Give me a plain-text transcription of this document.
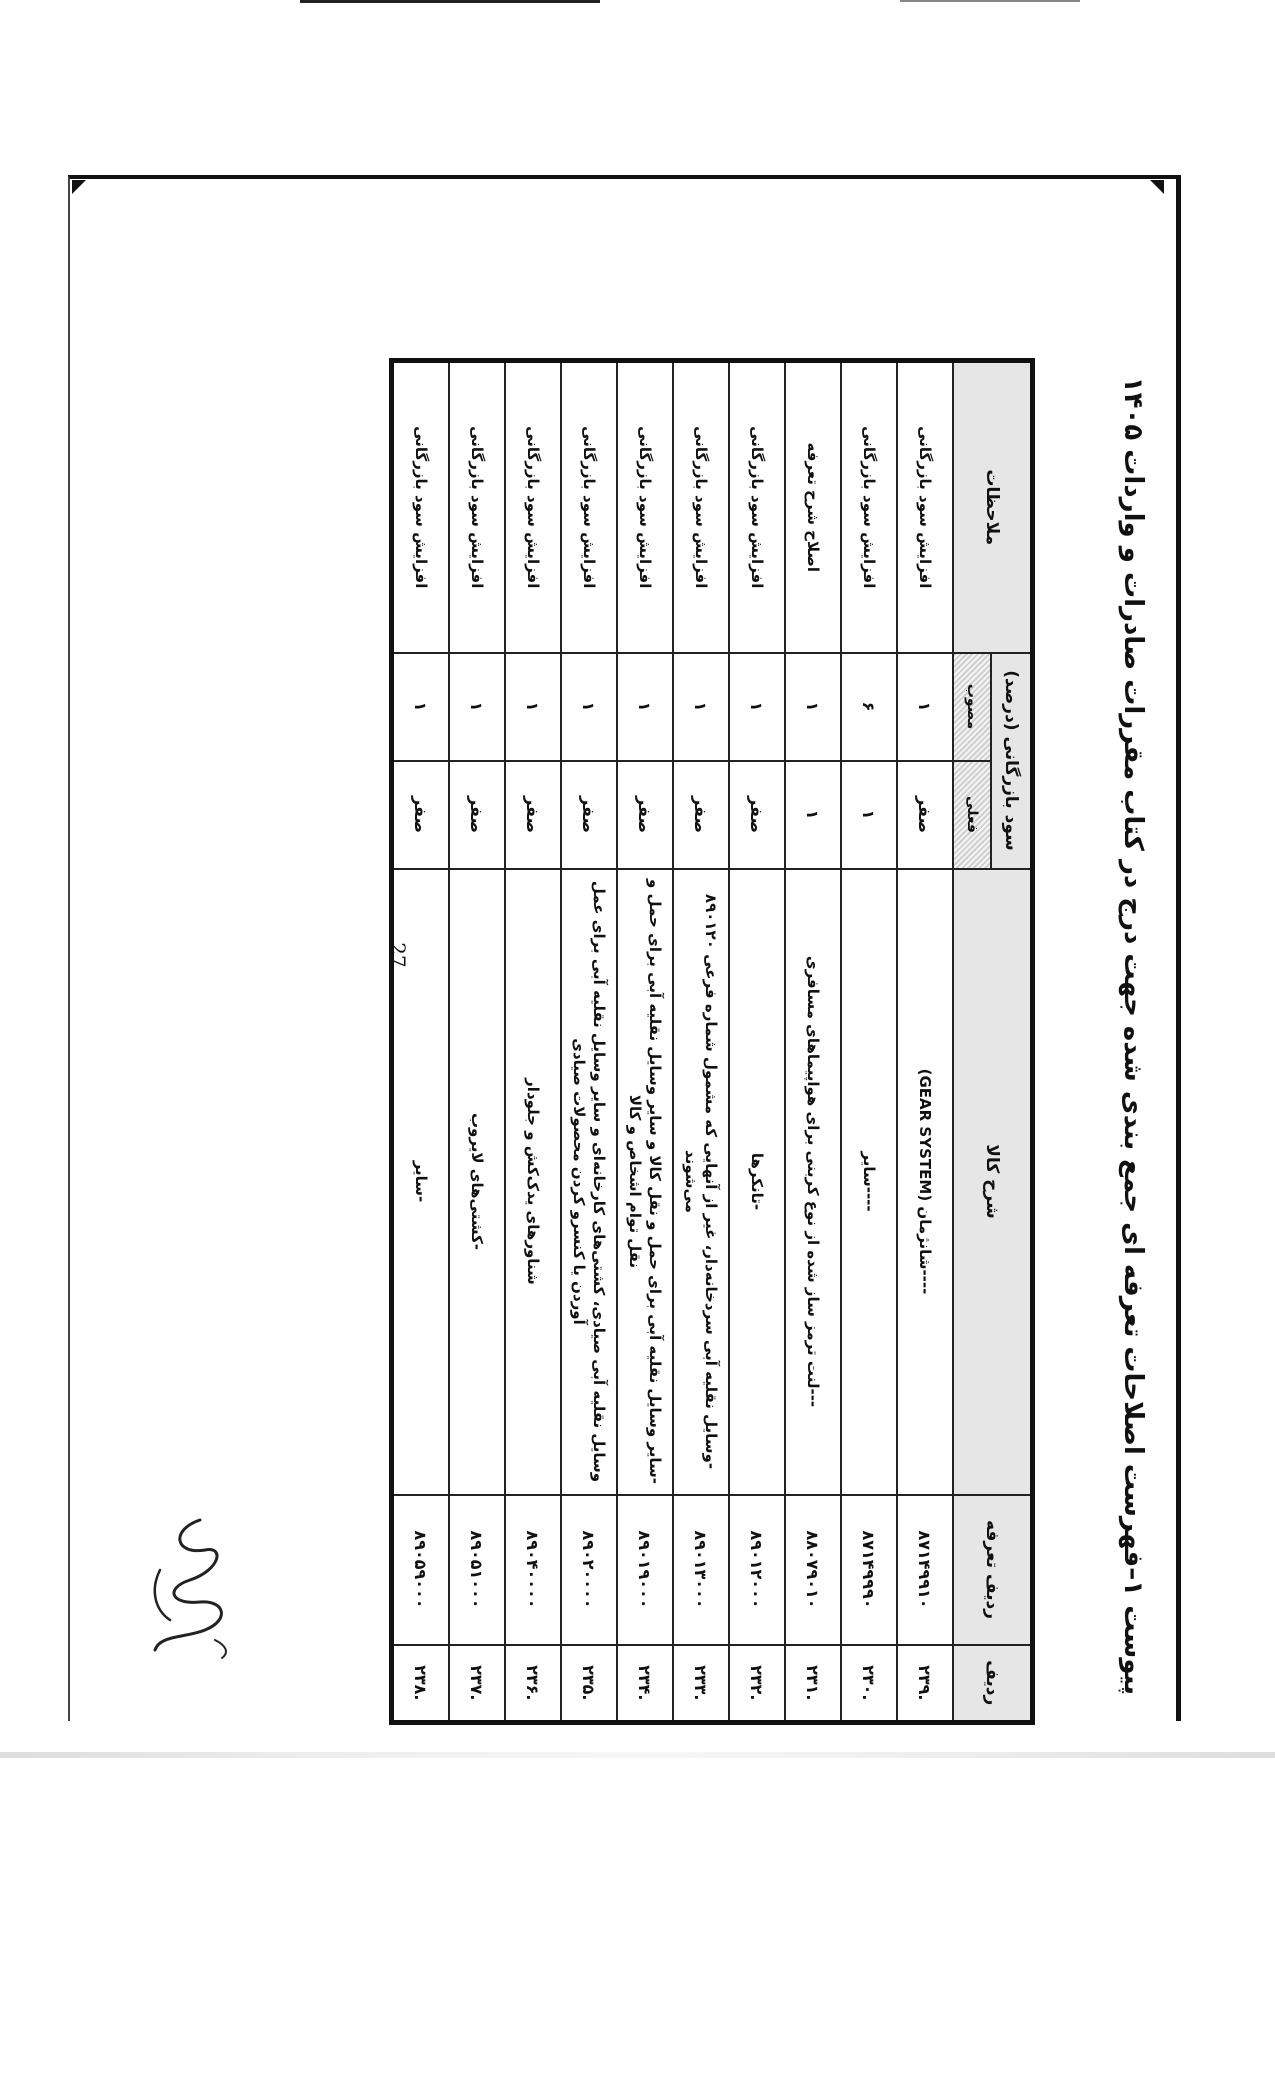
پیوست ۱–فهرست اصلاحات تعرفه ای جمع بندی شده جهت درج در کتاب مقررات صادرات و واردات ۱۴۰۵
ردیف	ردیف تعرفه	شرح کالا	سود بازرگانی (درصد)		ملاحظات
			فعلی	مصوب	
۲۳۹.	۸۷۱۴۹۹۱۰	----شانژمان (GEAR SYSTEM)	صفر	۱	افزایش سود بازرگانی
۲۳۰.	۸۷۱۴۹۹۹۰	----سایر	۱	۶	افزایش سود بازرگانی
۲۳۱.	۸۸۰۷۹۰۱۰	---لنت ترمز ساز شده از نوع کربنی برای هواپیماهای مسافری	۱	۱	اصلاح شرح تعرفه
۲۳۲.	۸۹۰۱۲۰۰۰	-تانکرها	صفر	۱	افزایش سود بازرگانی
۲۳۳.	۸۹۰۱۳۰۰۰	-وسایل نقلیه آبی سردخانه‌دار، غیر از آنهایی که مشمول شماره فرعی ۸۹۰۱۲۰ می‌شوند	صفر	۱	افزایش سود بازرگانی
۲۳۴.	۸۹۰۱۹۰۰۰	-سایر وسایل نقلیه آبی برای حمل و نقل کالا و سایر وسایل نقلیه آبی برای حمل و نقل توام اشخاص و کالا	صفر	۱	افزایش سود بازرگانی
۲۳۵.	۸۹۰۲۰۰۰۰	وسایل نقلیه آبی صیادی، کشتی‌های کارخانه‌ای و سایر وسایل نقلیه آبی برای عمل آوردن یا کنسرو کردن محصولات صیادی	صفر	۱	افزایش سود بازرگانی
۲۳۶.	۸۹۰۴۰۰۰۰	شناورهای یدک‌کش و جلودار	صفر	۱	افزایش سود بازرگانی
۲۳۷.	۸۹۰۵۱۰۰۰	-کشتی‌های لایروب	صفر	۱	افزایش سود بازرگانی
۲۳۸.	۸۹۰۵۹۰۰۰	-سایر	صفر	۱	افزایش سود بازرگانی
27
